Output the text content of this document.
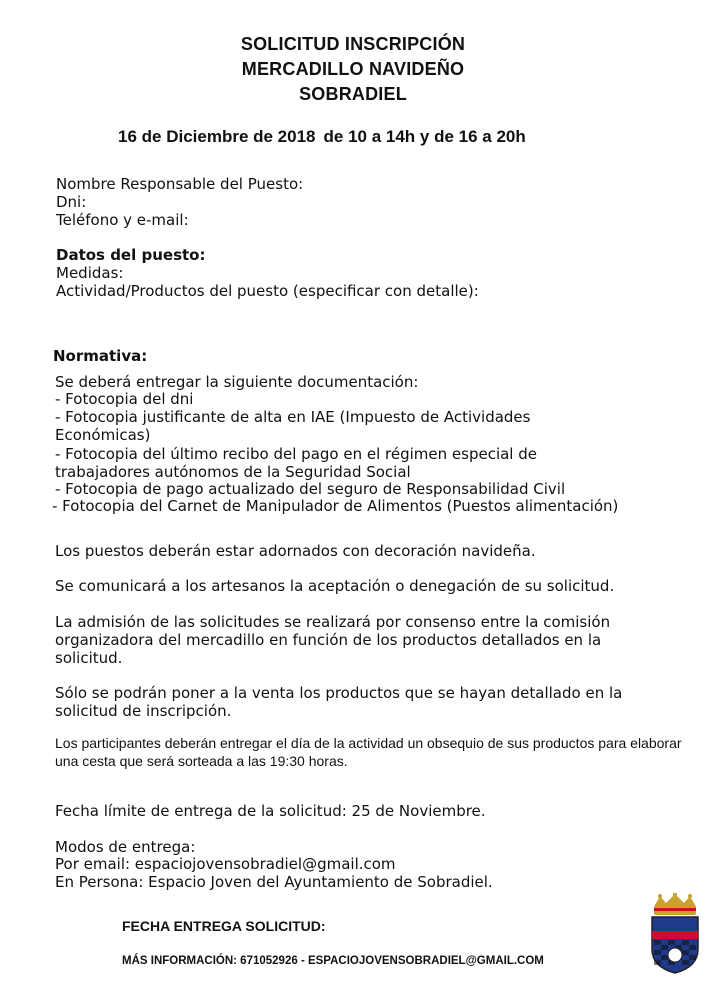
SOLICITUD INSCRIPCIÓN
MERCADILLO NAVIDEÑO
SOBRADIEL
16 de Diciembre de 2018 de 10 a 14h y de 16 a 20h
Nombre Responsable del Puesto:
Dni:
Teléfono y e-mail:
Datos del puesto:
Medidas:
Actividad/Productos del puesto (especificar con detalle):
Normativa:
Se deberá entregar la siguiente documentación:
- Fotocopia del dni
- Fotocopia justificante de alta en IAE (Impuesto de Actividades
Económicas)
- Fotocopia del último recibo del pago en el régimen especial de
trabajadores autónomos de la Seguridad Social
- Fotocopia de pago actualizado del seguro de Responsabilidad Civil
- Fotocopia del Carnet de Manipulador de Alimentos (Puestos alimentación)
Los puestos deberán estar adornados con decoración navideña.
Se comunicará a los artesanos la aceptación o denegación de su solicitud.
La admisión de las solicitudes se realizará por consenso entre la comisión organizadora del mercadillo en función de los productos detallados en la solicitud.
Sólo se podrán poner a la venta los productos que se hayan detallado en la solicitud de inscripción.
Los participantes deberán entregar el día de la actividad un obsequio de sus productos para elaborar una cesta que será sorteada a las 19:30 horas.
Fecha límite de entrega de la solicitud: 25 de Noviembre.
Modos de entrega:
Por email: espaciojovensobradiel@gmail.com
En Persona: Espacio Joven del Ayuntamiento de Sobradiel.
FECHA ENTREGA SOLICITUD:
MÁS INFORMACIÓN: 671052926 - ESPACIOJOVENSOBRADIEL@GMAIL.COM
